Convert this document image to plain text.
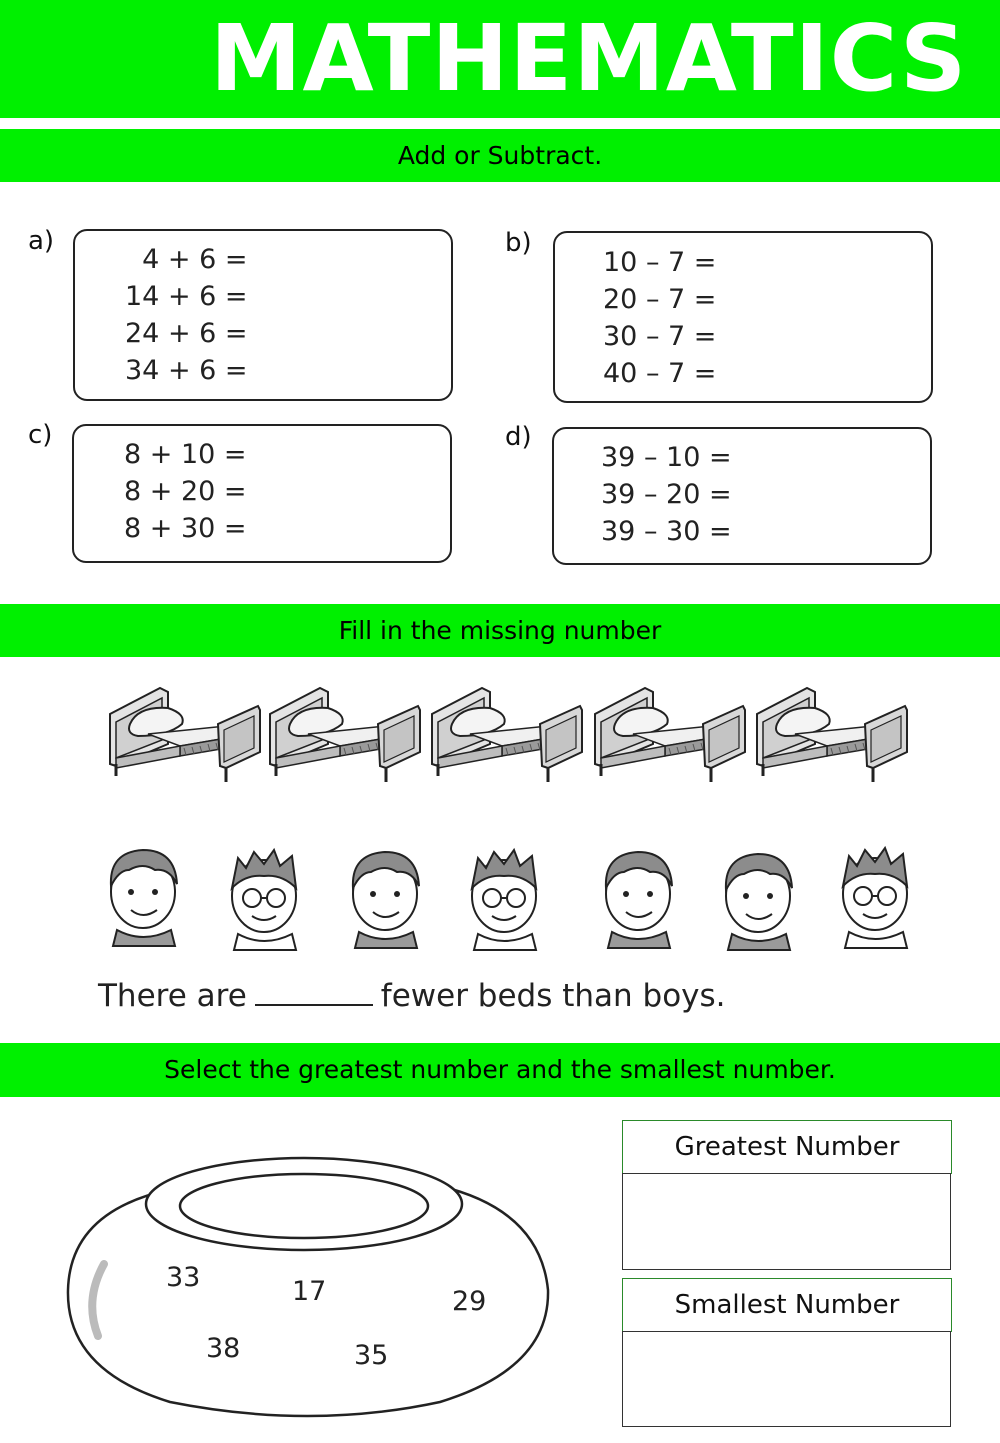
MATHEMATICS
Add or Subtract.
a)
4 + 6 =
14 + 6 =
24 + 6 =
34 + 6 =
b)
10 – 7 =
20 – 7 =
30 – 7 =
40 – 7 =
c)
8 + 10 =
8 + 20 =
8 + 30 =
d)
39 – 10 =
39 – 20 =
39 – 30 =
Fill in the missing number
There are	fewer beds than boys.
Select the greatest number and the smallest number.
33	17	29
38	35
Greatest Number
Smallest Number
